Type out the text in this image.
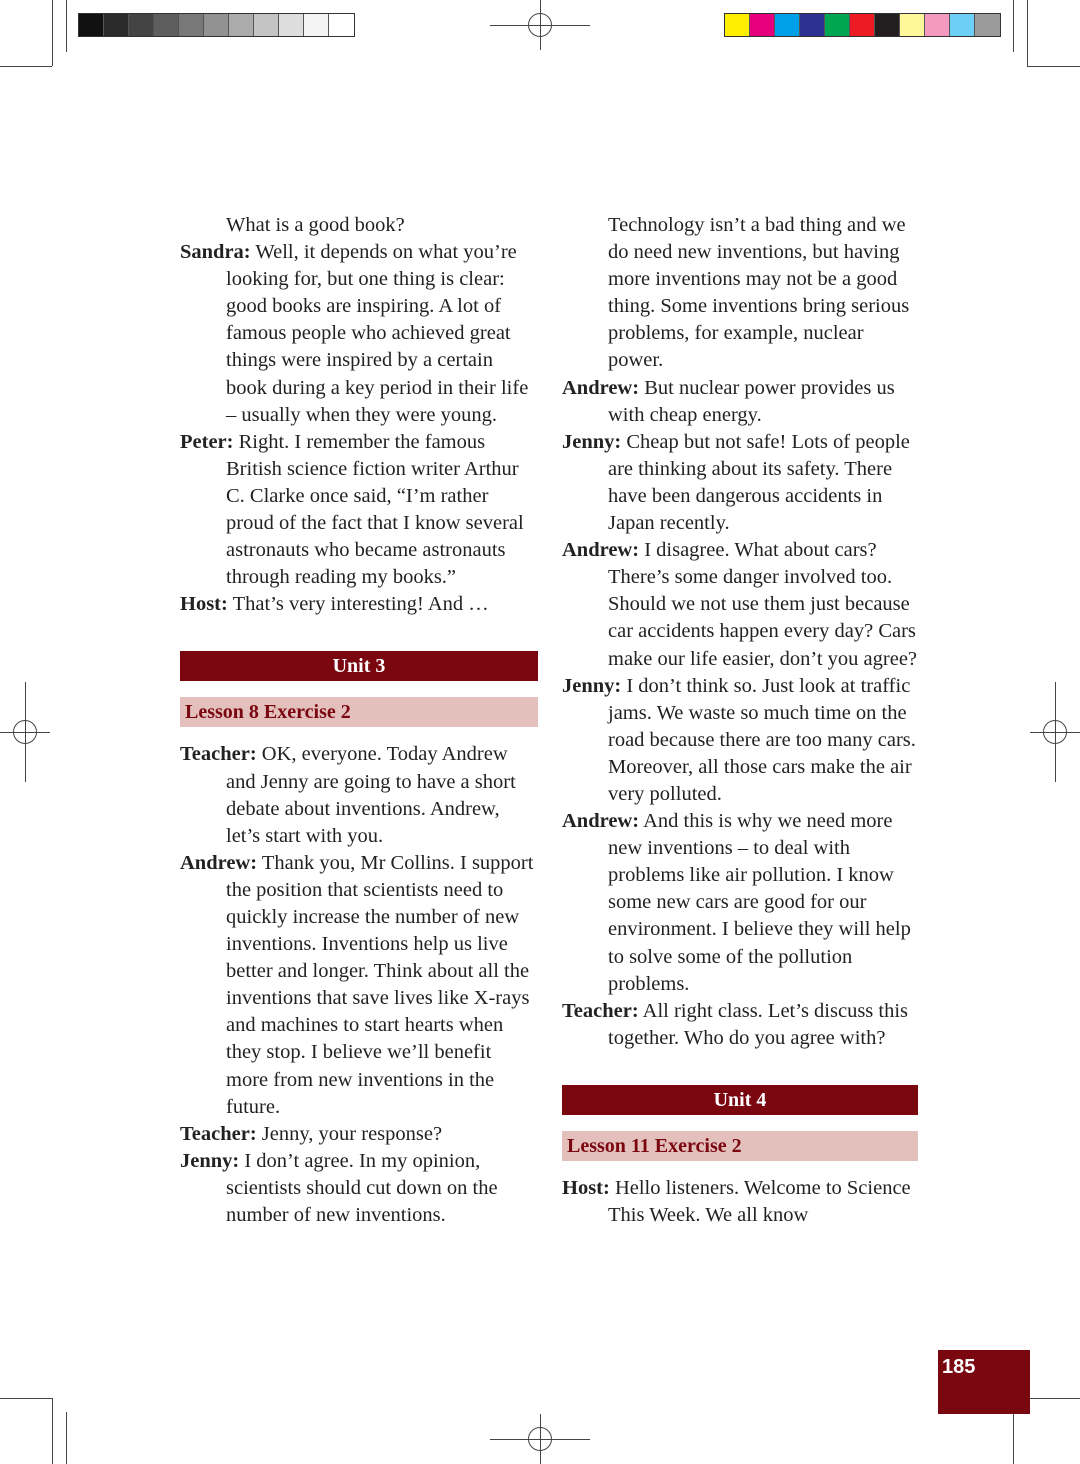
What is a good book?
Sandra: Well, it depends on what you’re looking for, but one thing is clear: good books are inspiring. A lot of famous people who achieved great things were inspired by a certain book during a key period in their life – usually when they were young.
Peter: Right. I remember the famous British science fiction writer Arthur C. Clarke once said, “I’m rather proud of the fact that I know several astronauts who became astronauts through reading my books.”
Host: That’s very interesting! And …
Unit 3
Lesson 8 Exercise 2
Teacher: OK, everyone. Today Andrew and Jenny are going to have a short debate about inventions. Andrew, let’s start with you.
Andrew: Thank you, Mr Collins. I support the position that scientists need to quickly increase the number of new inventions. Inventions help us live better and longer. Think about all the inventions that save lives like X-rays and machines to start hearts when they stop. I believe we’ll benefit more from new inventions in the future.
Teacher: Jenny, your response?
Jenny: I don’t agree. In my opinion, scientists should cut down on the number of new inventions.
Technology isn’t a bad thing and we do need new inventions, but having more inventions may not be a good thing. Some inventions bring serious problems, for example, nuclear power.
Andrew: But nuclear power provides us with cheap energy.
Jenny: Cheap but not safe! Lots of people are thinking about its safety. There have been dangerous accidents in Japan recently.
Andrew: I disagree. What about cars? There’s some danger involved too. Should we not use them just because car accidents happen every day? Cars make our life easier, don’t you agree?
Jenny: I don’t think so. Just look at traffic jams. We waste so much time on the road because there are too many cars. Moreover, all those cars make the air very polluted.
Andrew: And this is why we need more new inventions – to deal with problems like air pollution. I know some new cars are good for our environment. I believe they will help to solve some of the pollution problems.
Teacher: All right class. Let’s discuss this together. Who do you agree with?
Unit 4
Lesson 11 Exercise 2
Host: Hello listeners. Welcome to Science This Week. We all know
185
